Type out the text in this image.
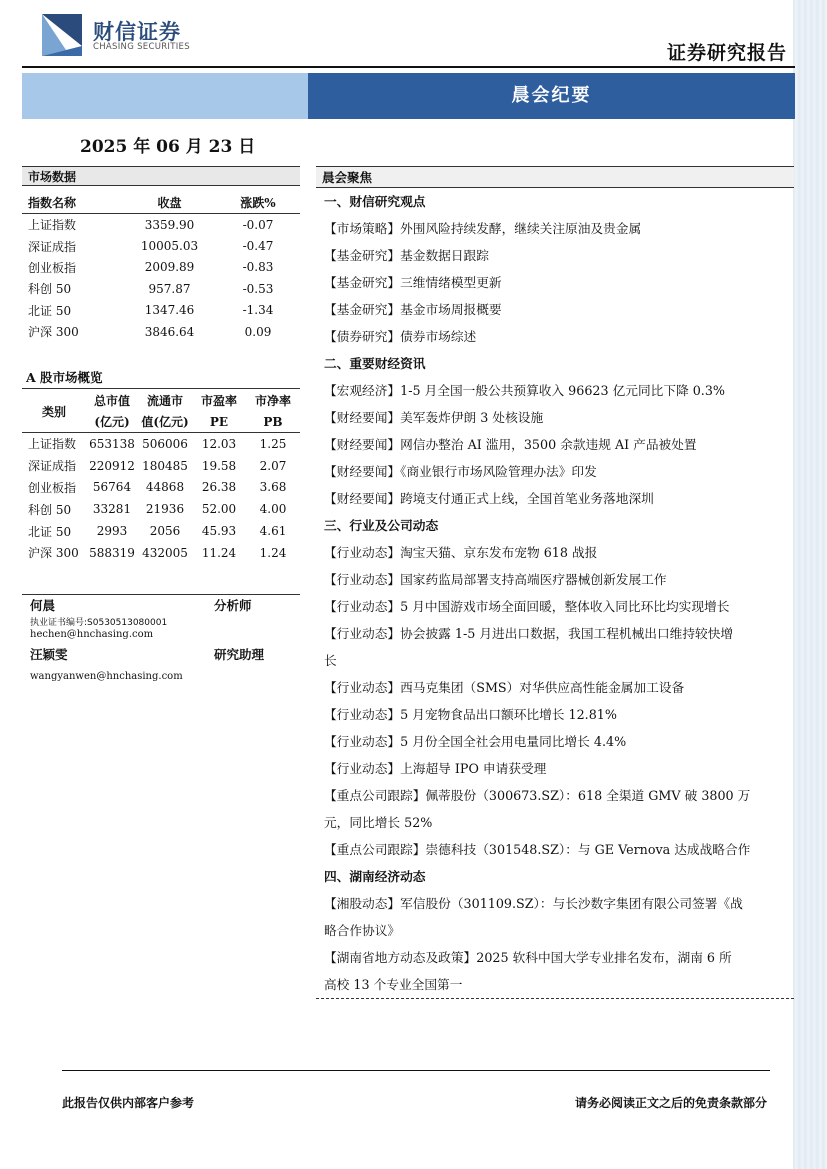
财信证券
CHASING SECURITIES	证券研究报告
晨会纪要
2025 年 06 月 23 日
市场数据
指数名称	收盘	涨跌%
上证指数	3359.90	-0.07
深证成指	10005.03	-0.47
创业板指	2009.89	-0.83
科创 50	957.87	-0.53
北证 50	1347.46	-1.34
沪深 300	3846.64	0.09
A 股市场概览
类别	总市值	流通市	市盈率	市净率
	(亿元)	值(亿元)	PE	PB
上证指数	653138	506006	12.03	1.25
深证成指	220912	180485	19.58	2.07
创业板指	56764	44868	26.38	3.68
科创 50	33281	21936	52.00	4.00
北证 50	2993	2056	45.93	4.61
沪深 300	588319	432005	11.24	1.24
何晨	分析师
执业证书编号:S0530513080001
hechen@hnchasing.com
汪颖雯	研究助理
wangyanwen@hnchasing.com
晨会聚焦
一、财信研究观点
【市场策略】外围风险持续发酵，继续关注原油及贵金属
【基金研究】基金数据日跟踪
【基金研究】三维情绪模型更新
【基金研究】基金市场周报概要
【债券研究】债券市场综述
二、重要财经资讯
【宏观经济】1-5 月全国一般公共预算收入 96623 亿元同比下降 0.3%
【财经要闻】美军轰炸伊朗 3 处核设施
【财经要闻】网信办整治 AI 滥用，3500 余款违规 AI 产品被处置
【财经要闻】《商业银行市场风险管理办法》印发
【财经要闻】跨境支付通正式上线，全国首笔业务落地深圳
三、行业及公司动态
【行业动态】淘宝天猫、京东发布宠物 618 战报
【行业动态】国家药监局部署支持高端医疗器械创新发展工作
【行业动态】5 月中国游戏市场全面回暖，整体收入同比环比均实现增长
【行业动态】协会披露 1-5 月进出口数据，我国工程机械出口维持较快增
长
【行业动态】西马克集团（SMS）对华供应高性能金属加工设备
【行业动态】5 月宠物食品出口额环比增长 12.81%
【行业动态】5 月份全国全社会用电量同比增长 4.4%
【行业动态】上海超导 IPO 申请获受理
【重点公司跟踪】佩蒂股份（300673.SZ）：618 全渠道 GMV 破 3800 万
元，同比增长 52%
【重点公司跟踪】崇德科技（301548.SZ）：与 GE Vernova 达成战略合作
四、湖南经济动态
【湘股动态】军信股份（301109.SZ）：与长沙数字集团有限公司签署《战
略合作协议》
【湖南省地方动态及政策】2025 软科中国大学专业排名发布，湖南 6 所
高校 13 个专业全国第一
此报告仅供内部客户参考	请务必阅读正文之后的免责条款部分
